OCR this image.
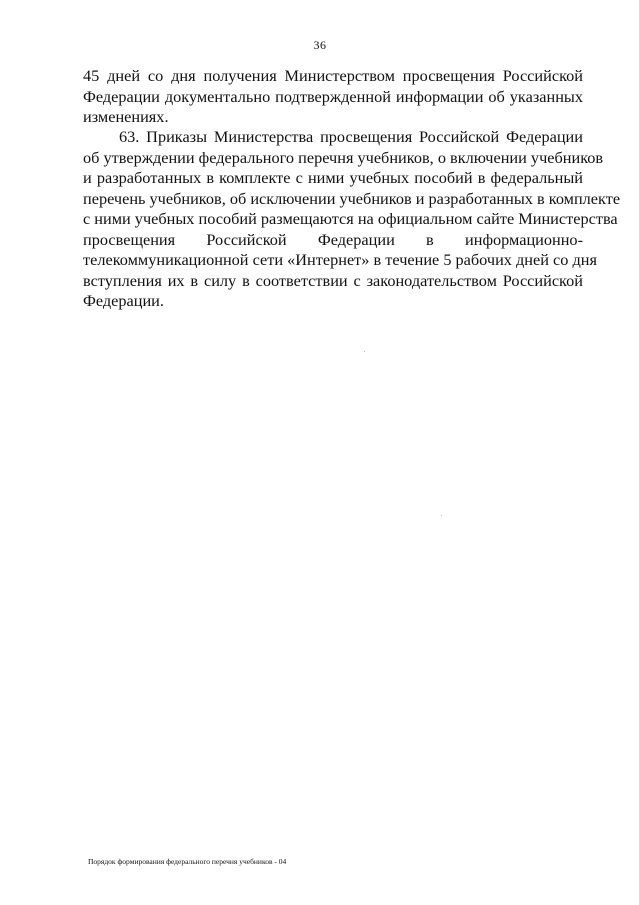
36
45 дней со дня получения Министерством просвещения Российской
Федерации документально подтвержденной информации об указанных
изменениях.
63. Приказы Министерства просвещения Российской Федерации
об утверждении федерального перечня учебников, о включении учебников
и разработанных в комплекте с ними учебных пособий в федеральный
перечень учебников, об исключении учебников и разработанных в комплекте
с ними учебных пособий размещаются на официальном сайте Министерства
просвещения Российской Федерации в информационно-
телекоммуникационной сети «Интернет» в течение 5 рабочих дней со дня
вступления их в силу в соответствии с законодательством Российской
Федерации.
Порядок формирования федерального перечня учебников - 04
